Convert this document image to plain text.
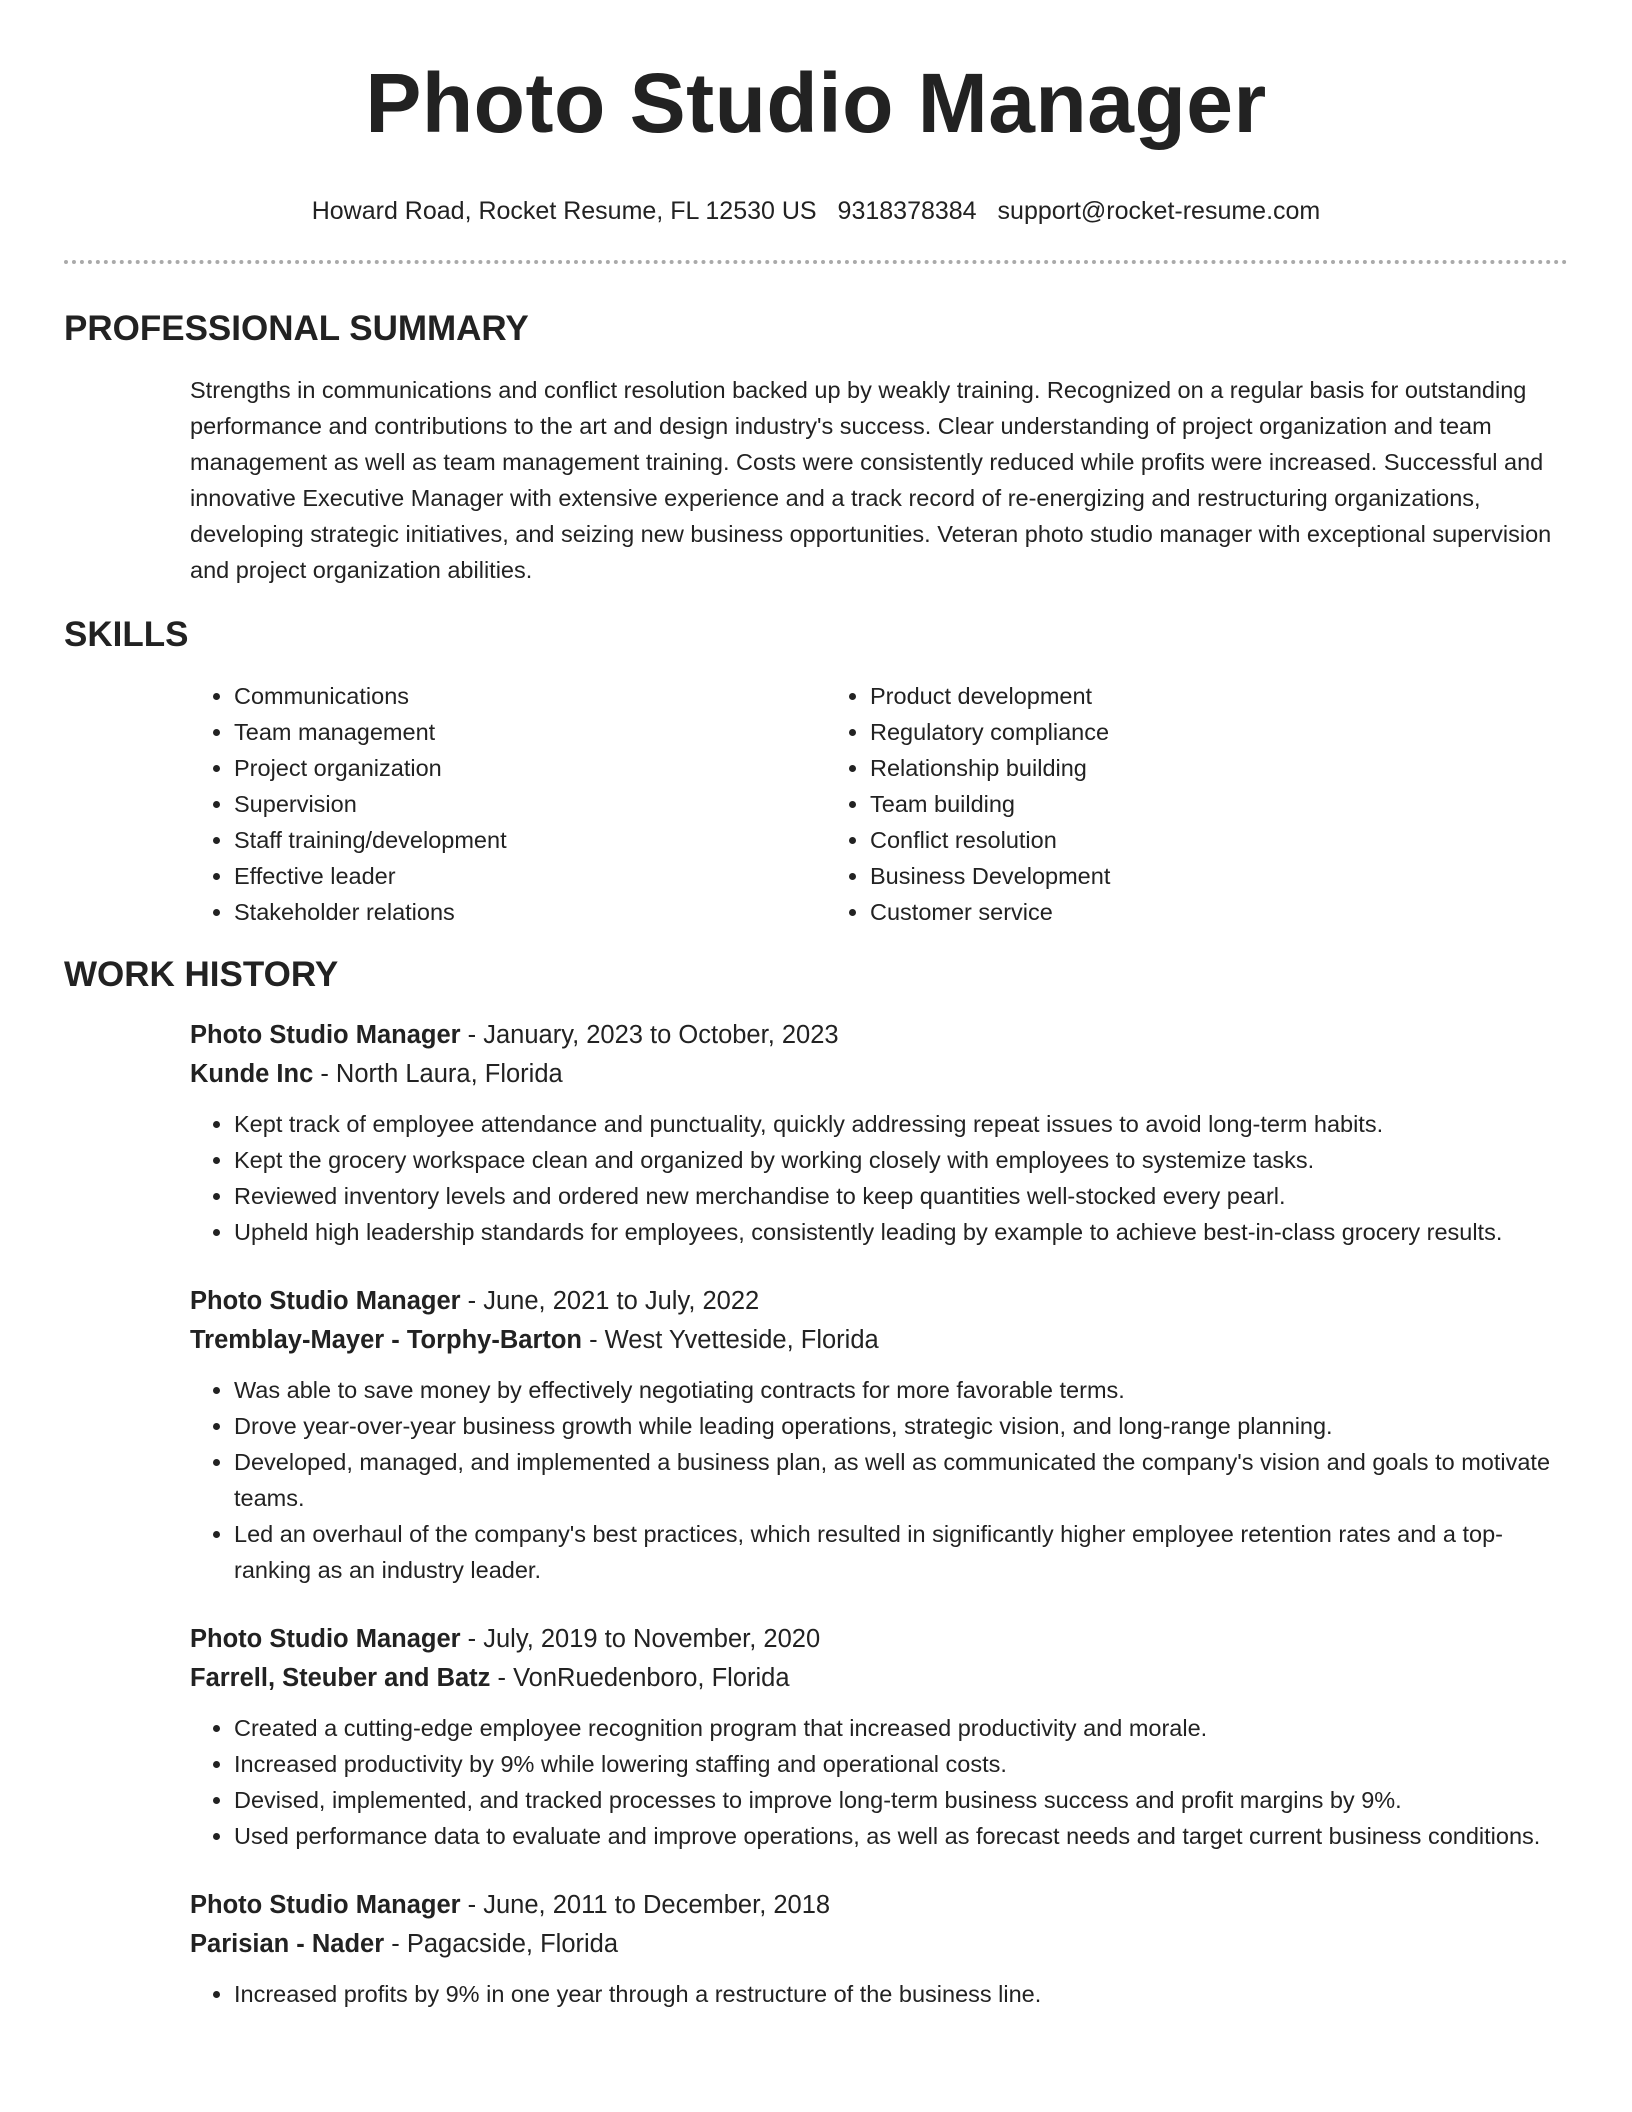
Photo Studio Manager
Howard Road, Rocket Resume, FL 12530 US 9318378384 support@rocket-resume.com
PROFESSIONAL SUMMARY
Strengths in communications and conflict resolution backed up by weakly training. Recognized on a regular basis for outstanding performance and contributions to the art and design industry's success. Clear understanding of project organization and team management as well as team management training. Costs were consistently reduced while profits were increased. Successful and innovative Executive Manager with extensive experience and a track record of re-energizing and restructuring organizations, developing strategic initiatives, and seizing new business opportunities. Veteran photo studio manager with exceptional supervision and project organization abilities.
SKILLS
• Communications
• Team management
• Project organization
• Supervision
• Staff training/development
• Effective leader
• Stakeholder relations
• Product development
• Regulatory compliance
• Relationship building
• Team building
• Conflict resolution
• Business Development
• Customer service
WORK HISTORY
Photo Studio Manager - January, 2023 to October, 2023
Kunde Inc - North Laura, Florida
• Kept track of employee attendance and punctuality, quickly addressing repeat issues to avoid long-term habits.
• Kept the grocery workspace clean and organized by working closely with employees to systemize tasks.
• Reviewed inventory levels and ordered new merchandise to keep quantities well-stocked every pearl.
• Upheld high leadership standards for employees, consistently leading by example to achieve best-in-class grocery results.
Photo Studio Manager - June, 2021 to July, 2022
Tremblay-Mayer - Torphy-Barton - West Yvetteside, Florida
• Was able to save money by effectively negotiating contracts for more favorable terms.
• Drove year-over-year business growth while leading operations, strategic vision, and long-range planning.
• Developed, managed, and implemented a business plan, as well as communicated the company's vision and goals to motivate teams.
• Led an overhaul of the company's best practices, which resulted in significantly higher employee retention rates and a top-ranking as an industry leader.
Photo Studio Manager - July, 2019 to November, 2020
Farrell, Steuber and Batz - VonRuedenboro, Florida
• Created a cutting-edge employee recognition program that increased productivity and morale.
• Increased productivity by 9% while lowering staffing and operational costs.
• Devised, implemented, and tracked processes to improve long-term business success and profit margins by 9%.
• Used performance data to evaluate and improve operations, as well as forecast needs and target current business conditions.
Photo Studio Manager - June, 2011 to December, 2018
Parisian - Nader - Pagacside, Florida
• Increased profits by 9% in one year through a restructure of the business line.
